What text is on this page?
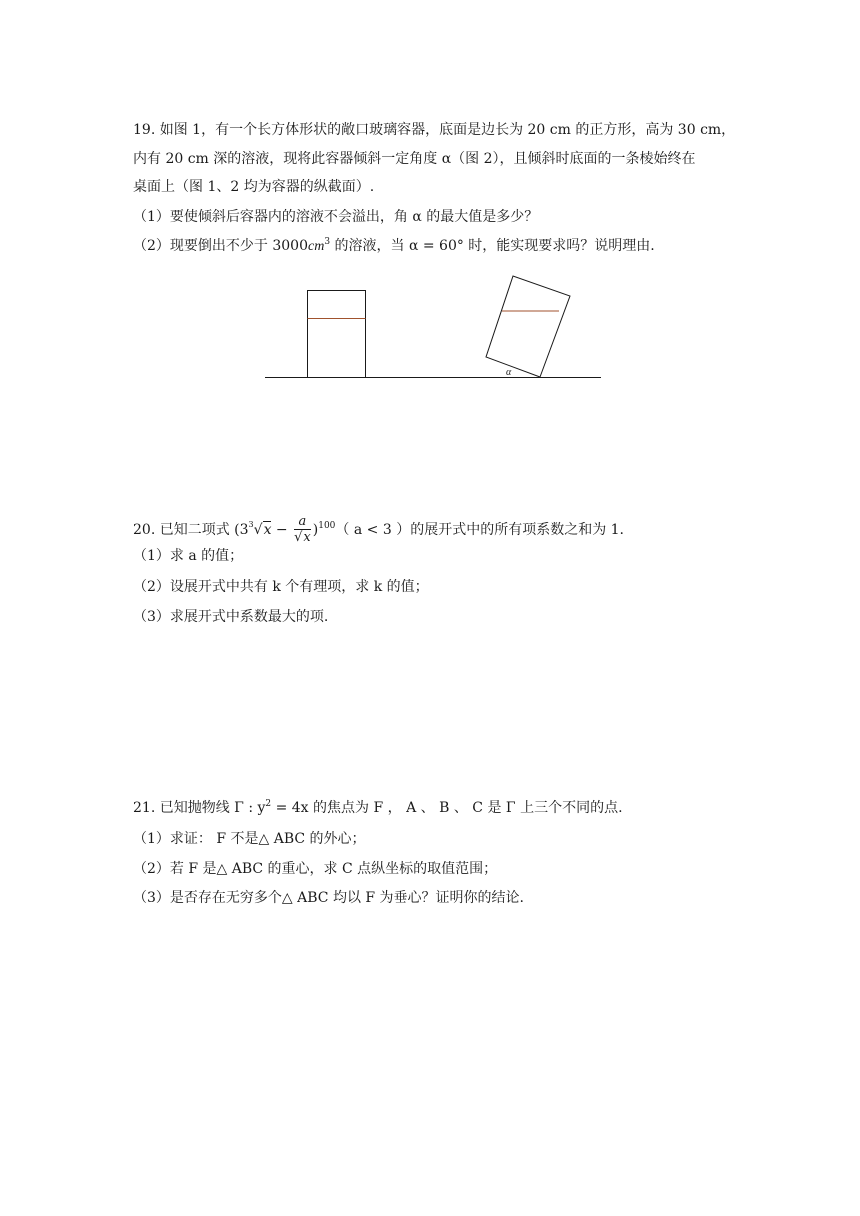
19. 如图 1，有一个长方体形状的敞口玻璃容器，底面是边长为 20 cm 的正方形，高为 30 cm，
内有 20 cm 深的溶液，现将此容器倾斜一定角度 α（图 2），且倾斜时底面的一条棱始终在
桌面上（图 1、2 均为容器的纵截面）.
（1）要使倾斜后容器内的溶液不会溢出，角 α 的最大值是多少？
（2）现要倒出不少于 $3000cm^3$ 的溶液，当 α = 60° 时，能实现要求吗？说明理由.
α
20. 已知二项式 $(3^3√x - \frac{a}{√x} )^{100}$（ a < 3 ）的展开式中的所有项系数之和为 1.
（1）求 a 的值；
（2）设展开式中共有 k 个有理项，求 k 的值；
（3）求展开式中系数最大的项.
21. 已知抛物线 Γ : $y^2 = 4x$ 的焦点为 F ， A 、 B 、 C 是 Γ 上三个不同的点.
（1）求证： F 不是△ ABC 的外心；
（2）若 F 是△ ABC 的重心，求 C 点纵坐标的取值范围；
（3）是否存在无穷多个△ ABC 均以 F 为垂心？证明你的结论.
